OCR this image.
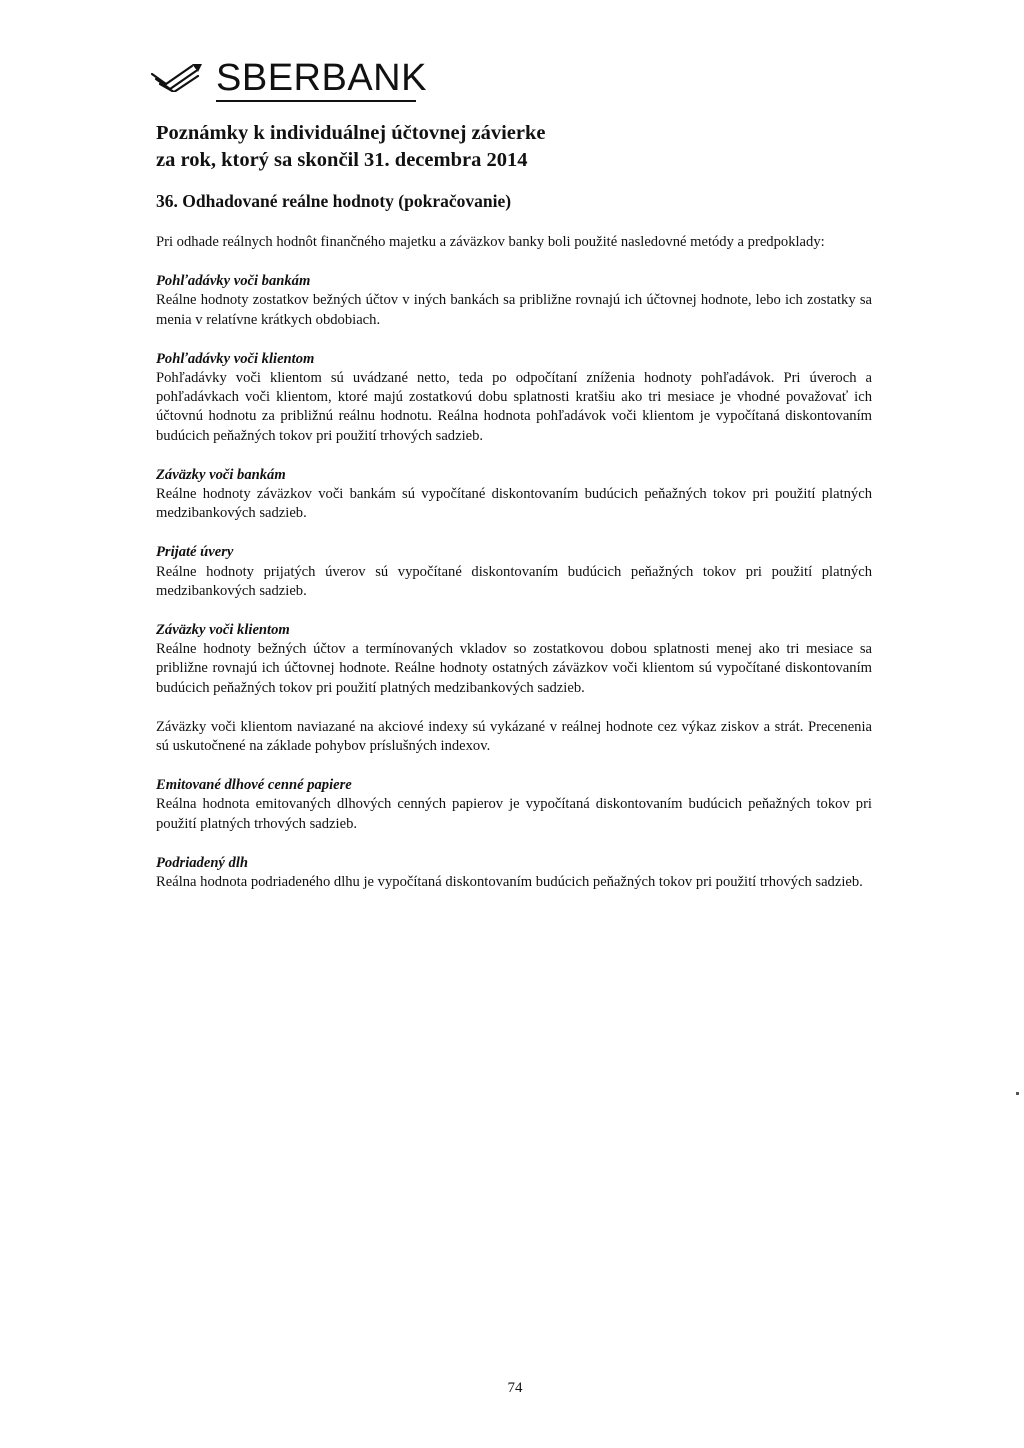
SBERBANK
Poznámky k individuálnej účtovnej závierke
za rok, ktorý sa skončil 31. decembra 2014
36. Odhadované reálne hodnoty (pokračovanie)

Pri odhade reálnych hodnôt finančného majetku a záväzkov banky boli použité nasledovné metódy a predpoklady:

Pohľadávky voči bankám

Reálne hodnoty zostatkov bežných účtov v iných bankách sa približne rovnajú ich účtovnej hodnote, lebo ich zostatky sa menia v relatívne krátkych obdobiach.

Pohľadávky voči klientom

Pohľadávky voči klientom sú uvádzané netto, teda po odpočítaní zníženia hodnoty pohľadávok. Pri úveroch a pohľadávkach voči klientom, ktoré majú zostatkovú dobu splatnosti kratšiu ako tri mesiace je vhodné považovať ich účtovnú hodnotu za približnú reálnu hodnotu. Reálna hodnota pohľadávok voči klientom je vypočítaná diskontovaním budúcich peňažných tokov pri použití trhových sadzieb.

Záväzky voči bankám

Reálne hodnoty záväzkov voči bankám sú vypočítané diskontovaním budúcich peňažných tokov pri použití platných medzibankových sadzieb.

Prijaté úvery

Reálne hodnoty prijatých úverov sú vypočítané diskontovaním budúcich peňažných tokov pri použití platných medzibankových sadzieb.

Záväzky voči klientom

Reálne hodnoty bežných účtov a termínovaných vkladov so zostatkovou dobou splatnosti menej ako tri mesiace sa približne rovnajú ich účtovnej hodnote. Reálne hodnoty ostatných záväzkov voči klientom sú vypočítané diskontovaním budúcich peňažných tokov pri použití platných medzibankových sadzieb.

Záväzky voči klientom naviazané na akciové indexy sú vykázané v reálnej hodnote cez výkaz ziskov a strát. Precenenia sú uskutočnené na základe pohybov príslušných indexov.

Emitované dlhové cenné papiere

Reálna hodnota emitovaných dlhových cenných papierov je vypočítaná diskontovaním budúcich peňažných tokov pri použití platných trhových sadzieb.

Podriadený dlh

Reálna hodnota podriadeného dlhu je vypočítaná diskontovaním budúcich peňažných tokov pri použití trhových sadzieb.

74
